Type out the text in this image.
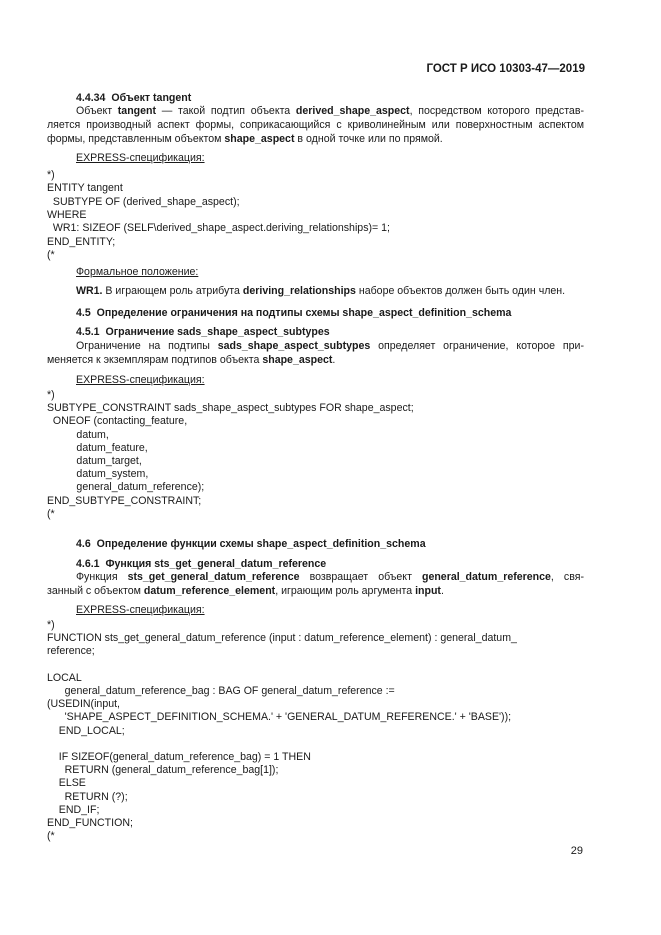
ГОСТ Р ИСО 10303-47—2019
4.4.34  Объект tangent
Объект tangent — такой подтип объекта derived_shape_aspect, посредством которого представ-
ляется производный аспект формы, соприкасающийся с криволинейным или поверхностным аспектом
формы, представленным объектом shape_aspect в одной точке или по прямой.
EXPRESS-спецификация:
*)
ENTITY tangent
SUBTYPE OF (derived_shape_aspect);
WHERE
WR1: SIZEOF (SELF\derived_shape_aspect.deriving_relationships)= 1;
END_ENTITY;
(*
Формальное положение:
WR1. В играющем роль атрибута deriving_relationships наборе объектов должен быть один член.
4.5  Определение ограничения на подтипы схемы shape_aspect_definition_schema
4.5.1  Ограничение sads_shape_aspect_subtypes
Ограничение на подтипы sads_shape_aspect_subtypes определяет ограничение, которое при-
меняется к экземплярам подтипов объекта shape_aspect.
EXPRESS-спецификация:
*)
SUBTYPE_CONSTRAINT sads_shape_aspect_subtypes FOR shape_aspect;
ONEOF (contacting_feature,
datum,
datum_feature,
datum_target,
datum_system,
general_datum_reference);
END_SUBTYPE_CONSTRAINT;
(*
4.6  Определение функции схемы shape_aspect_definition_schema
4.6.1  Функция sts_get_general_datum_reference
Функция sts_get_general_datum_reference возвращает объект general_datum_reference, свя-
занный с объектом datum_reference_element, играющим роль аргумента input.
EXPRESS-спецификация:
*)
FUNCTION sts_get_general_datum_reference (input : datum_reference_element) : general_datum_
reference;
LOCAL
general_datum_reference_bag : BAG OF general_datum_reference :=
(USEDIN(input,
'SHAPE_ASPECT_DEFINITION_SCHEMA.' + 'GENERAL_DATUM_REFERENCE.' + 'BASE'));
END_LOCAL;
IF SIZEOF(general_datum_reference_bag) = 1 THEN
RETURN (general_datum_reference_bag[1]);
ELSE
RETURN (?);
END_IF;
END_FUNCTION;
(*
29
